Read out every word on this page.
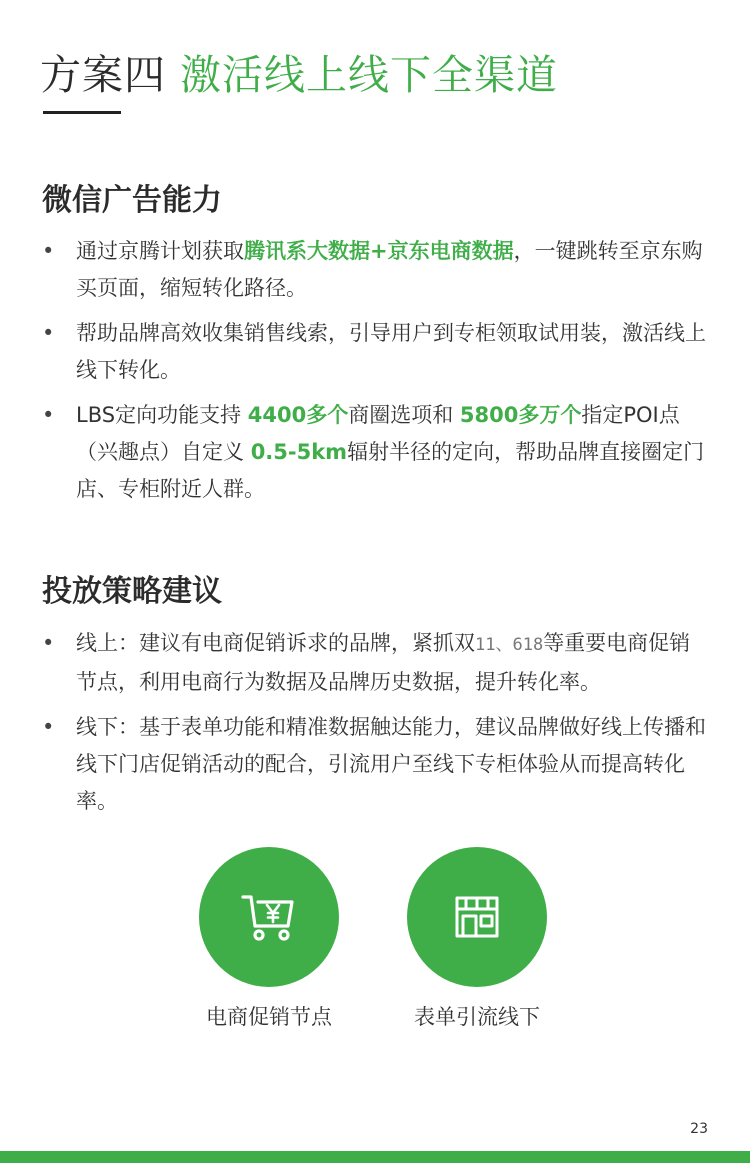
方案四 激活线上线下全渠道
微信广告能力
• 通过京腾计划获取腾讯系大数据+京东电商数据，一键跳转至京东购买页面，缩短转化路径。
• 帮助品牌高效收集销售线索，引导用户到专柜领取试用装，激活线上线下转化。
• LBS定向功能支持 4400多个商圈选项和 5800多万个指定POI点（兴趣点）自定义 0.5-5km辐射半径的定向，帮助品牌直接圈定门店、专柜附近人群。
投放策略建议
• 线上：建议有电商促销诉求的品牌，紧抓双11、618等重要电商促销节点，利用电商行为数据及品牌历史数据，提升转化率。
• 线下：基于表单功能和精准数据触达能力，建议品牌做好线上传播和线下门店促销活动的配合，引流用户至线下专柜体验从而提高转化率。
电商促销节点	表单引流线下
23
